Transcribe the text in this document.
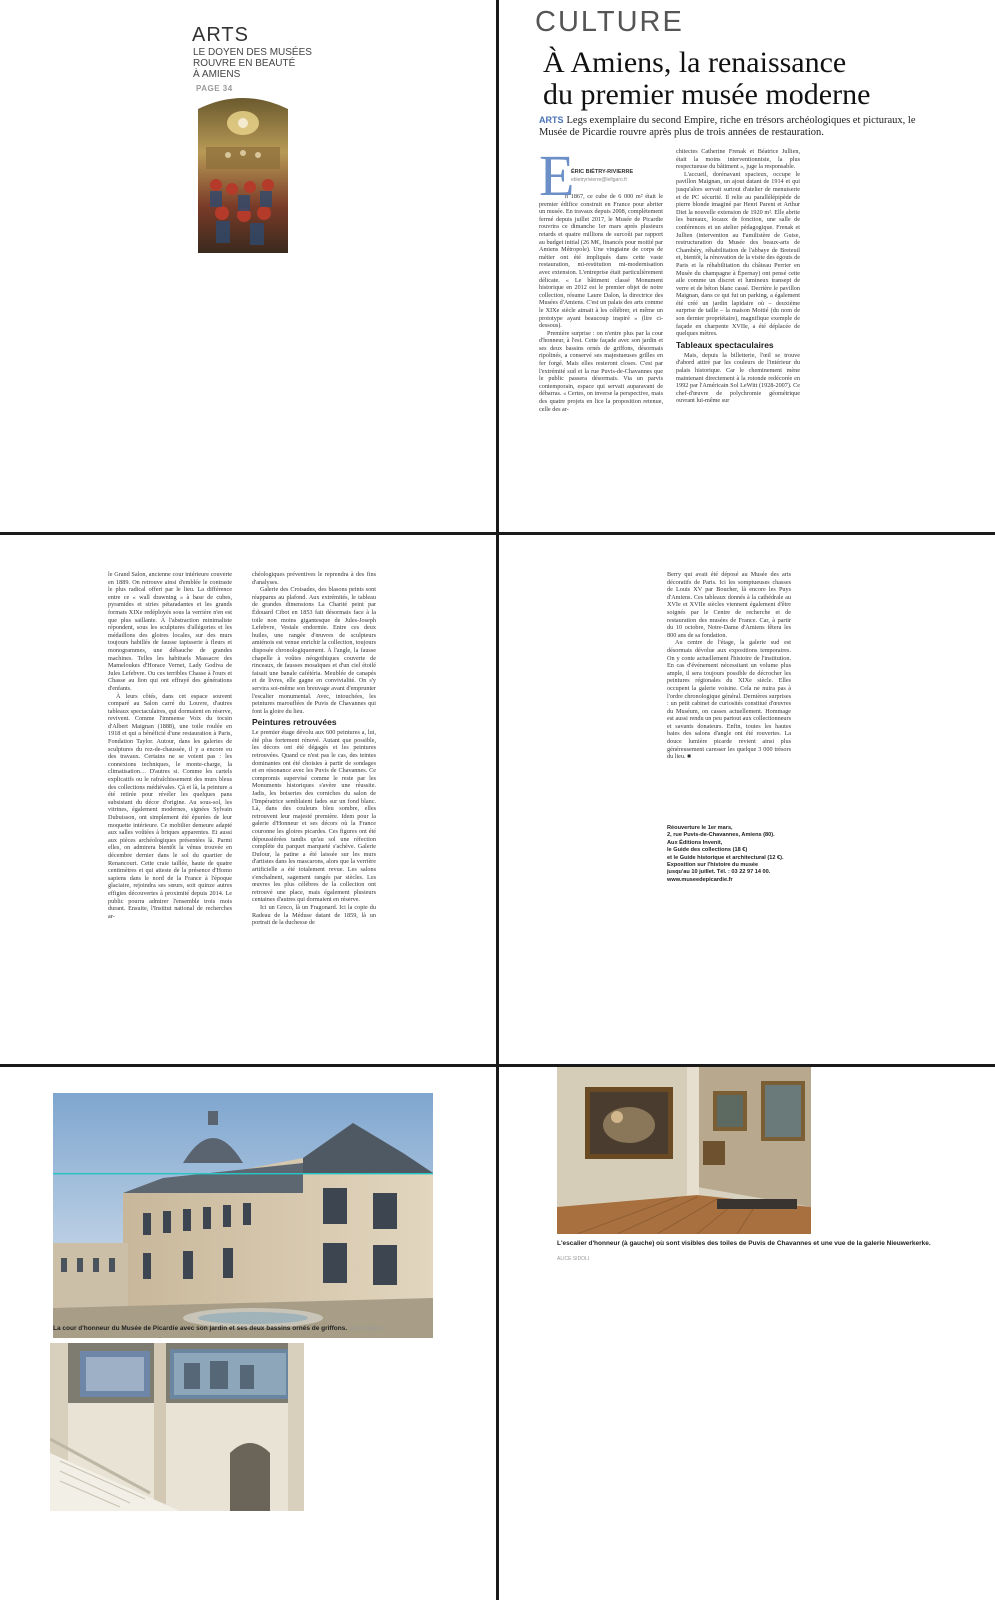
ARTS
LE DOYEN DES MUSÉES
ROUVRE EN BEAUTÉ
À AMIENS
PAGE 34
CULTURE
À Amiens, la renaissance
du premier musée moderne
ARTS Legs exemplaire du second Empire, riche en trésors archéologiques et picturaux, le Musée de Picardie rouvre après plus de trois années de restauration.
E
ÉRIC BIÉTRY-RIVIERRE
ebietryrivierre@lefigaro.fr

n 1867, ce cube de 6 000 m² était le premier édifice construit en France pour abriter un musée. En travaux depuis 2008, complètement fermé depuis juillet 2017, le Musée de Picardie rouvrira ce dimanche 1er mars après plusieurs retards et quatre millions de surcoût par rapport au budget initial (26 M€, financés pour moitié par Amiens Métropole). Une vingtaine de corps de métier ont été impliqués dans cette vaste restauration, mi-restitution mi-modernisation avec extension. L'entreprise était particulièrement délicate. « Le bâtiment classé Monument historique en 2012 est le premier objet de notre collection, résume Laure Dalon, la directrice des Musées d'Amiens. C'est un palais des arts comme le XIXe siècle aimait à les célébrer, et même un prototype ayant beaucoup inspiré » (lire ci-dessous).

Première surprise : on n'entre plus par la cour d'honneur, à l'est. Cette façade avec son jardin et ses deux bassins ornés de griffons, désormais ripolinés, a conservé ses majestueuses grilles en fer forgé. Mais elles resteront closes. C'est par l'extrémité sud et la rue Puvis-de-Chavannes que le public passera désormais. Via un parvis contemporain, espace qui servait auparavant de débarras. « Certes, on inverse la perspective, mais des quatre projets en lice la proposition retenue, celle des ar-

chitectes Catherine Frenak et Béatrice Jullien, était la moins interventionniste, la plus respectueuse du bâtiment », juge la responsable.

L'accueil, dorénavant spacieux, occupe le pavillon Maignan, un ajout datant de 1914 et qui jusqu'alors servait surtout d'atelier de menuiserie et de PC sécurité. Il relie au parallélépipède de pierre blonde imaginé par Henri Parent et Arthur Diet la nouvelle extension de 1920 m². Elle abrite les bureaux, locaux de fonction, une salle de conférences et un atelier pédagogique. Frenak et Jullien (intervention au Familistère de Guise, restructuration du Musée des beaux-arts de Chambéry, réhabilitation de l'abbaye de Breteuil et, bientôt, la rénovation de la visite des égouts de Paris et la réhabilitation du château Perrier en Musée du champagne à Épernay) ont pensé cette aile comme un discret et lumineux transept de verre et de béton blanc cassé. Derrière le pavillon Maignan, dans ce qui fut un parking, a également été créé un jardin lapidaire où – deuxième surprise de taille – la maison Moitié (du nom de son dernier propriétaire), magnifique exemple de façade en charpente XVIIe, a été déplacée de quelques mètres.

Tableaux spectaculaires

Mais, depuis la billetterie, l'œil se trouve d'abord attiré par les couleurs de l'intérieur du palais historique. Car le cheminement mène maintenant directement à la rotonde redécorée en 1992 par l'Américain Sol LeWitt (1928-2007). Ce chef-d'œuvre de polychromie géométrique ouvrant lui-même sur

le Grand Salon, ancienne cour intérieure couverte en 1889. On retrouve ainsi d'emblée le contraste le plus radical offert par le lieu. La différence entre ce « wall drawning » à base de cubes, pyramides et stries pétaradantes et les grands formats XIXe redéployés sous la verrière n'en est que plus saillante. À l'abstraction minimaliste répondent, sous les sculptures d'allégories et les médaillons des gloires locales, sur des murs toujours habillés de fausse tapisserie à fleurs et monogrammes, une débauche de grandes machines. Telles les habituels Massacre des Mameloukes d'Horace Vernet, Lady Godiva de Jules Lefebvre. Ou ces terribles Chasse à l'ours et Chasse au lion qui ont effrayé des générations d'enfants.

À leurs côtés, dans cet espace souvent comparé au Salon carré du Louvre, d'autres tableaux spectaculaires, qui dormaient en réserve, revivent. Comme l'immense Voix du tocsin d'Albert Maignan (1888), une toile roulée en 1918 et qui a bénéficié d'une restauration à Paris, Fondation Taylor. Autour, dans les galeries de sculptures du rez-de-chaussée, il y a encore eu des travaux. Certains ne se voient pas : les connexions techniques, le monte-charge, la climatisation… D'autres si. Comme les cartels explicatifs ou le rafraîchissement des murs bleus des collections médiévales. Çà et là, la peinture a été retirée pour révéler les quelques pans subsistant du décor d'origine. Au sous-sol, les vitrines, également modernes, signées Sylvain Dubuisson, ont simplement été épurées de leur moquette intérieure. Ce mobilier demeure adapté aux salles voûtées à briques apparentes. Et aussi aux pièces archéologiques présentées là. Parmi elles, on admirera bientôt la vénus trouvée en décembre dernier dans le sol du quartier de Renancourt. Cette craie taillée, haute de quatre centimètres et qui atteste de la présence d'Homo sapiens dans le nord de la France à l'époque glaciaire, rejoindra ses sœurs, soit quinze autres effigies découvertes à proximité depuis 2014. Le public pourra admirer l'ensemble trois mois durant. Ensuite, l'Institut national de recherches ar-

chéologiques préventives le reprendra à des fins d'analyses.

Galerie des Croisades, des blasons peints sont réapparus au plafond. Aux extrémités, le tableau de grandes dimensions La Charité peint par Édouard Cibot en 1853 fait désormais face à la toile non moins gigantesque de Jules-Joseph Lefebvre, Vestale endormie. Entre ces deux huiles, une rangée d'œuvres de sculpteurs amiénois est venue enrichir la collection, toujours disposée chronologiquement. À l'angle, la fausse chapelle à voûtes néogothiques couverte de rinceaux, de fausses mosaïques et d'un ciel étoilé faisait une banale cafétéria. Meublée de canapés et de livres, elle gagne en convivialité. On s'y servira soi-même son breuvage avant d'emprunter l'escalier monumental. Avec, intouchées, les peintures marouflées de Puvis de Chavannes qui font la gloire du lieu.

Peintures retrouvées

Le premier étage dévolu aux 600 peintures a, lui, été plus fortement rénové. Autant que possible, les décors ont été dégagés et les peintures retrouvées. Quand ce n'est pas le cas, des teintes dominantes ont été choisies à partir de sondages et en résonance avec les Puvis de Chavannes. Ce compromis supervisé comme le reste par les Monuments historiques s'avère une réussite. Jadis, les boiseries des corniches du salon de l'Impératrice semblaient fades sur un fond blanc. Là, dans des couleurs bleu sombre, elles retrouvent leur majesté première. Idem pour la galerie d'Honneur et ses décors où la France couronne les gloires picardes. Ces figures ont été dépoussiérées tandis qu'au sol une réfection complète du parquet marqueté s'achève. Galerie Dufour, la patine a été laissée sur les murs d'artistes dans les mascarons, alors que la verrière artificielle a été totalement revue. Les salons s'enchaînent, sagement rangés par siècles. Les œuvres les plus célèbres de la collection ont retrouvé une place, mais également plusieurs centaines d'autres qui dormaient en réserve.

Ici un Greco, là un Fragonard. Ici la copie du Radeau de la Méduse datant de 1859, là un portrait de la duchesse de

Berry qui avait été déposé au Musée des arts décoratifs de Paris. Ici les somptueuses chasses de Louis XV par Boucher, là encore les Puys d'Amiens. Ces tableaux donnés à la cathédrale au XVIe et XVIIe siècles viennent également d'être soignés par le Centre de recherche et de restauration des musées de France. Car, à partir du 10 octobre, Notre-Dame d'Amiens fêtera les 800 ans de sa fondation.

Au centre de l'étage, la galerie sud est désormais dévolue aux expositions temporaires. On y conte actuellement l'histoire de l'institution. En cas d'événement nécessitant un volume plus ample, il sera toujours possible de décrocher les peintures régionales du XIXe siècle. Elles occupent la galerie voisine. Cela ne nuira pas à l'ordre chronologique général. Dernières surprises : un petit cabinet de curiosités constitué d'œuvres du Muséum, on casses actuellement. Hommage est aussi rendu un peu partout aux collectionneurs et savants donateurs. Enfin, toutes les hautes baies des salons d'angle ont été rouvertes. La douce lumière picarde revient ainsi plus généreusement caresser les quelque 3 000 trésors du lieu. ■

Réouverture le 1er mars,
2, rue Puvis-de-Chavannes, Amiens (80).
Aux Éditions Invenit,
le Guide des collections (18 €)
et le Guide historique et architectural (12 €).
Exposition sur l'histoire du musée
jusqu'au 10 juillet. Tél. : 03 22 97 14 00.
www.museedepicardie.fr
La cour d'honneur du Musée de Picardie avec son jardin et ses deux bassins ornés de griffons. ALICE SIDOLI
L'escalier d'honneur (à gauche) où sont visibles des toiles de Puvis de Chavannes et une vue de la galerie Nieuwerkerke.
ALICE SIDOLI
